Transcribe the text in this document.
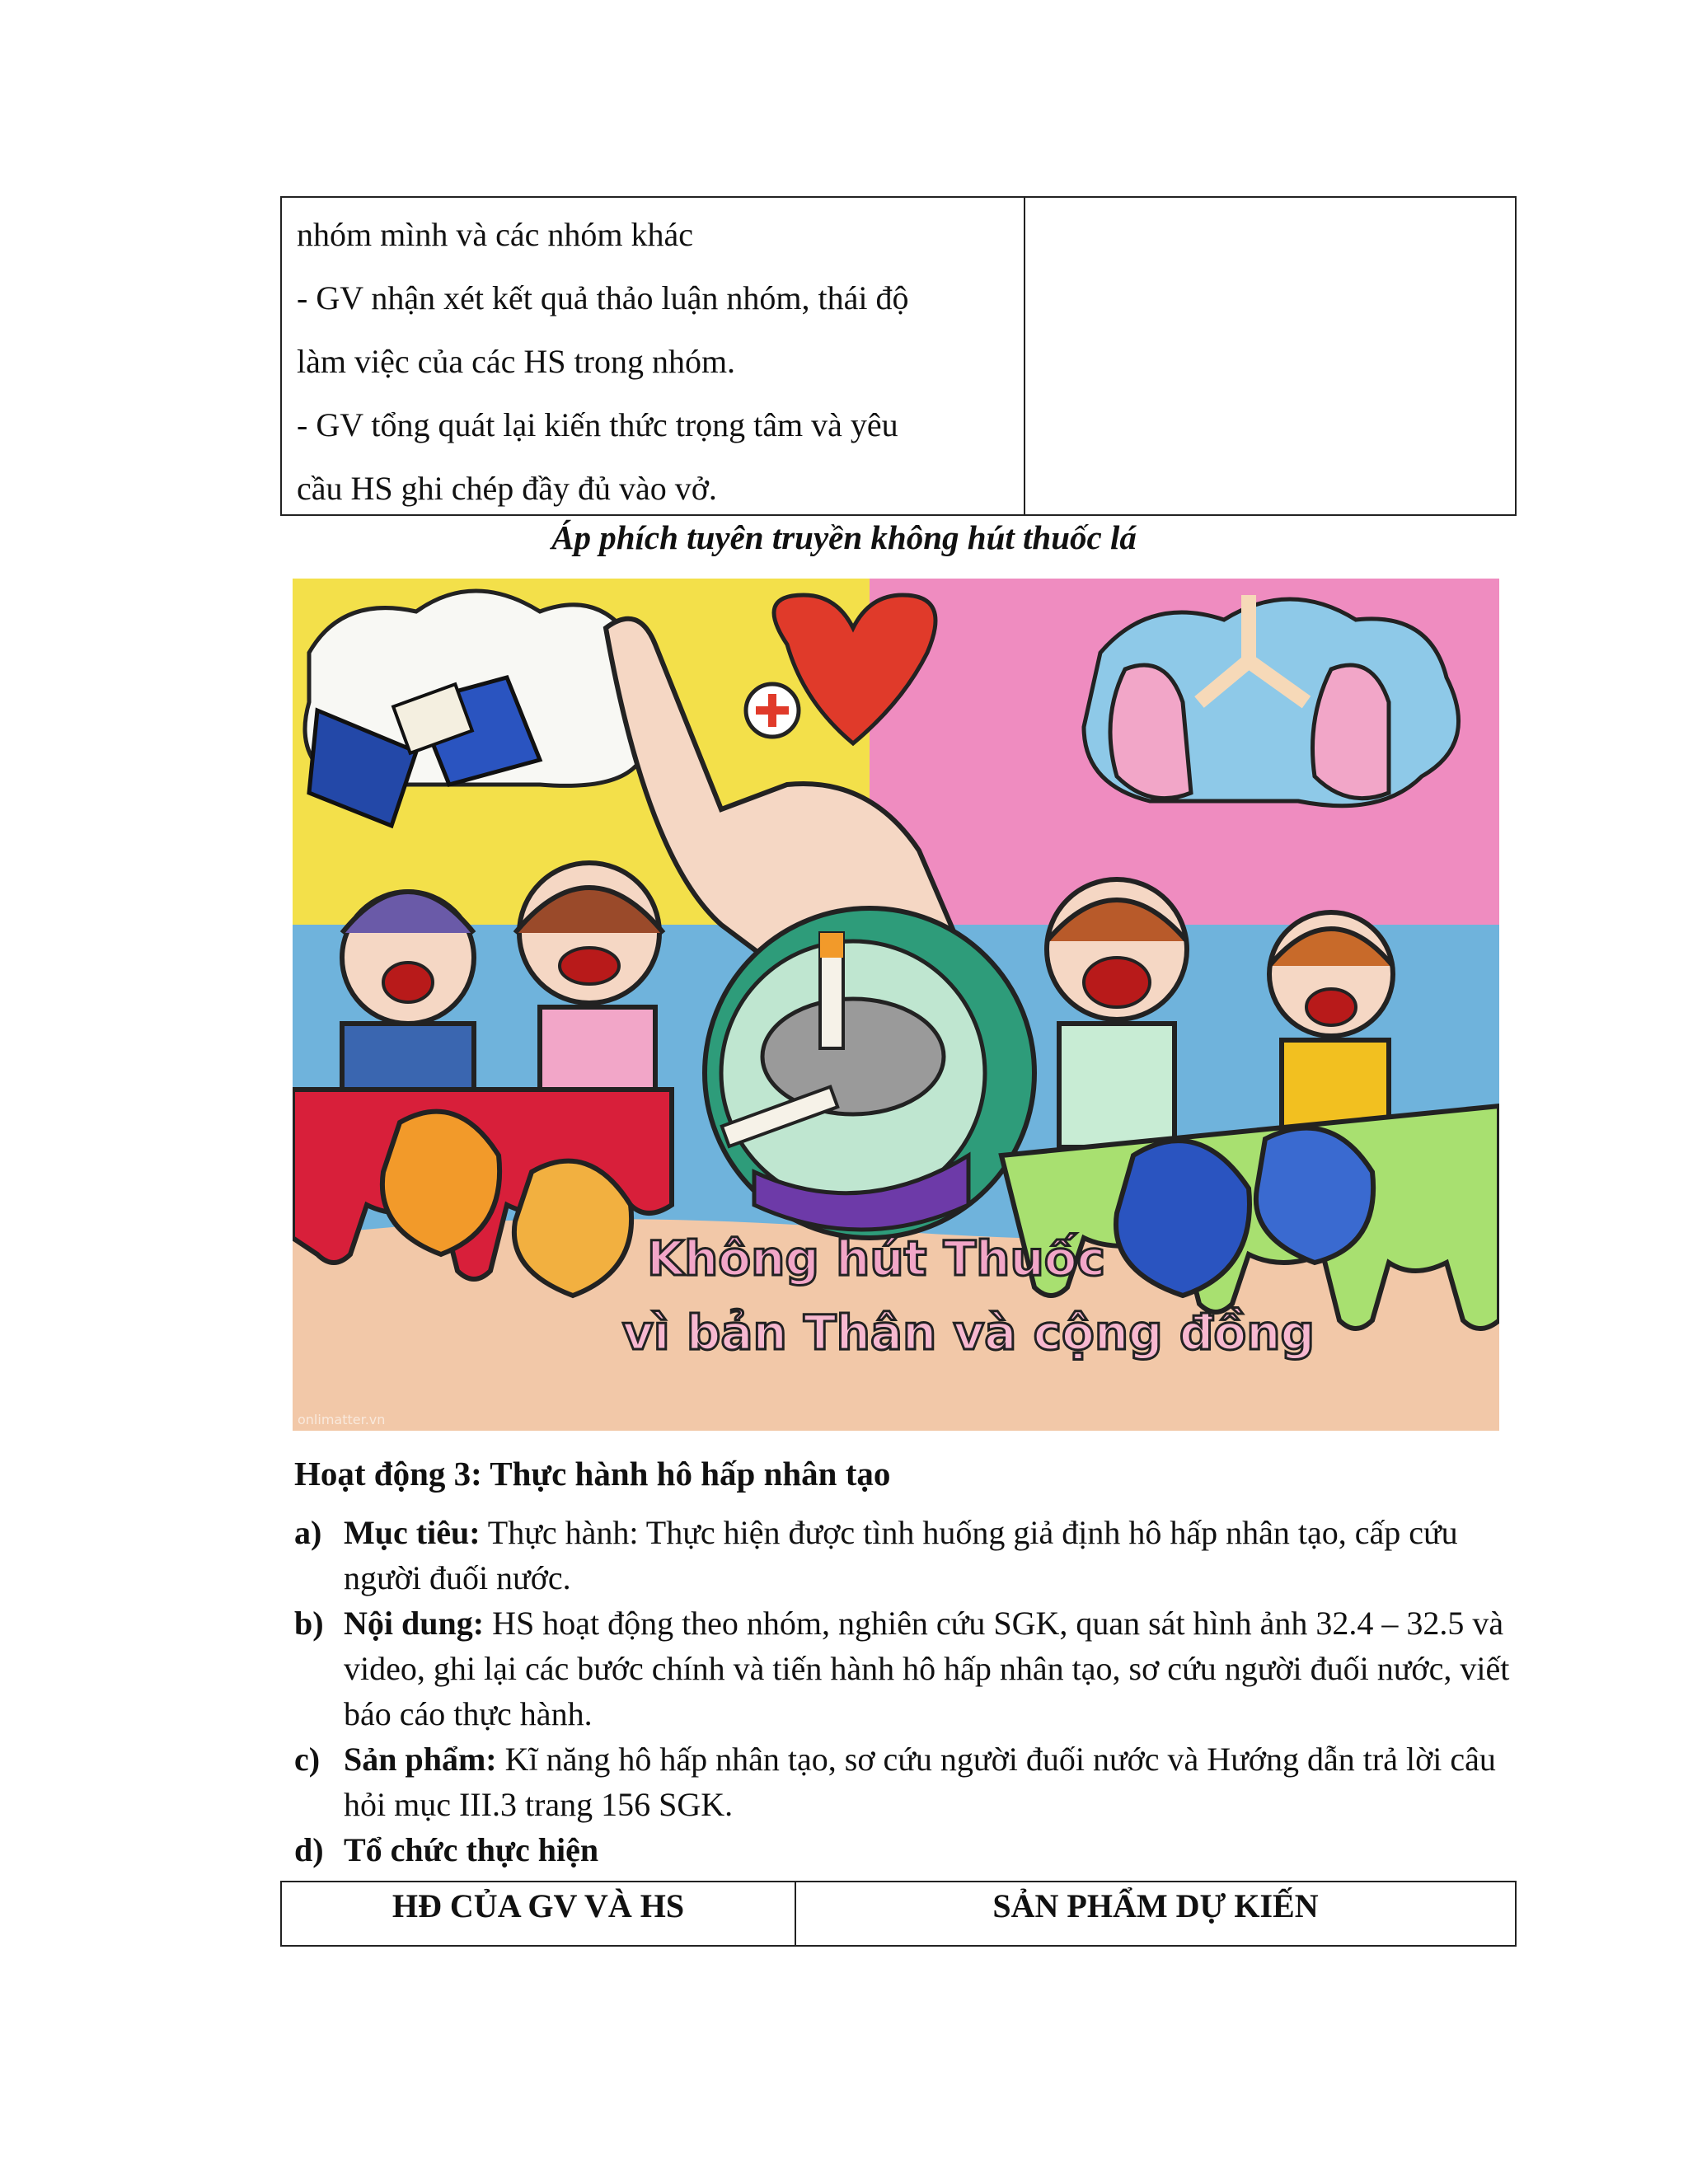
nhóm mình và các nhóm khác

- GV nhận xét kết quả thảo luận nhóm, thái độ

làm việc của các HS trong nhóm.

- GV tổng quát lại kiến thức trọng tâm và yêu

cầu HS ghi chép đầy đủ vào vở.

Áp phích tuyên truyền không hút thuốc lá
Không hút Thuốc
vì bản Thân và cộng đồng
onlimatter.vn
Hoạt động 3: Thực hành hô hấp nhân tạo
a) Mục tiêu: Thực hành: Thực hiện được tình huống giả định hô hấp nhân tạo, cấp cứu người đuối nước.
b) Nội dung: HS hoạt động theo nhóm, nghiên cứu SGK, quan sát hình ảnh 32.4 – 32.5 và video, ghi lại các bước chính và tiến hành hô hấp nhân tạo, sơ cứu người đuối nước, viết báo cáo thực hành.
c) Sản phẩm: Kĩ năng hô hấp nhân tạo, sơ cứu người đuối nước và Hướng dẫn trả lời câu hỏi mục III.3 trang 156 SGK.
d) Tổ chức thực hiện
HĐ CỦA GV VÀ HS	SẢN PHẨM DỰ KIẾN
